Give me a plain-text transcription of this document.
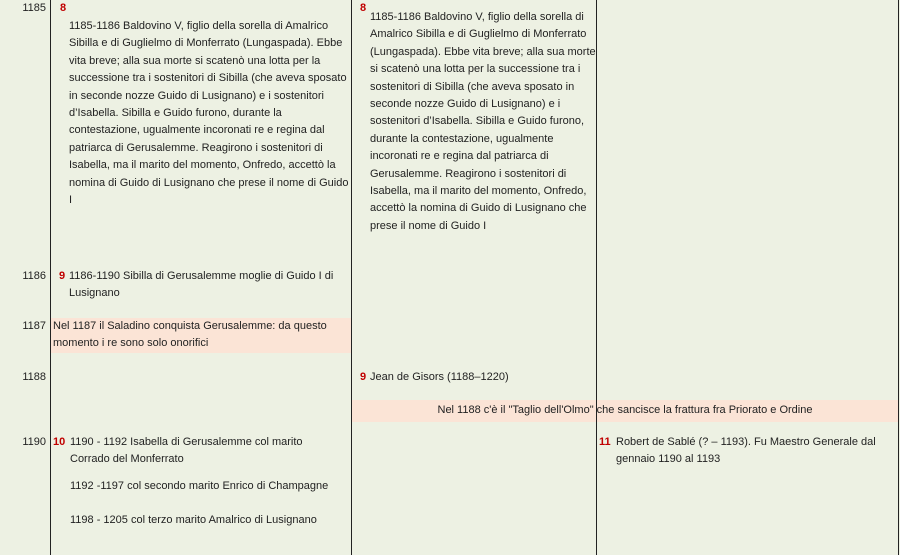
1185 8
1185-1186 Baldovino V, figlio della sorella di Amalrico Sibilla e di Guglielmo di Monferrato (Lungaspada). Ebbe vita breve; alla sua morte si scatenò una lotta per la successione tra i sostenitori di Sibilla (che aveva sposato in seconde nozze Guido di Lusignano) e i sostenitori d’Isabella. Sibilla e Guido furono, durante la contestazione, ugualmente incoronati re e regina dal patriarca di Gerusalemme. Reagirono i sostenitori di Isabella, ma il marito del momento, Onfredo, accettò la nomina di Guido di Lusignano che prese il nome di Guido I
8
1185-1186 Baldovino V, figlio della sorella di Amalrico Sibilla e di Guglielmo di Monferrato (Lungaspada). Ebbe vita breve; alla sua morte si scatenò una lotta per la successione tra i sostenitori di Sibilla (che aveva sposato in seconde nozze Guido di Lusignano) e i sostenitori d’Isabella. Sibilla e Guido furono, durante la contestazione, ugualmente incoronati re e regina dal patriarca di Gerusalemme. Reagirono i sostenitori di Isabella, ma il marito del momento, Onfredo, accettò la nomina di Guido di Lusignano che prese il nome di Guido I
1186 9 1186-1190 Sibilla di Gerusalemme moglie di Guido I di Lusignano
1187 Nel 1187 il Saladino conquista Gerusalemme: da questo momento i re sono solo onorifici
1188	9 Jean de Gisors (1188–1220)
Nel 1188 c'è il "Taglio dell'Olmo" che sancisce la frattura fra Priorato e Ordine
1190 10 1190 - 1192 Isabella di Gerusalemme col marito Corrado del Monferrato
1192 -1197 col secondo marito Enrico di Champagne
1198 - 1205 col terzo marito Amalrico di Lusignano
11 Robert de Sablé (? – 1193). Fu Maestro Generale dal gennaio 1190 al 1193
